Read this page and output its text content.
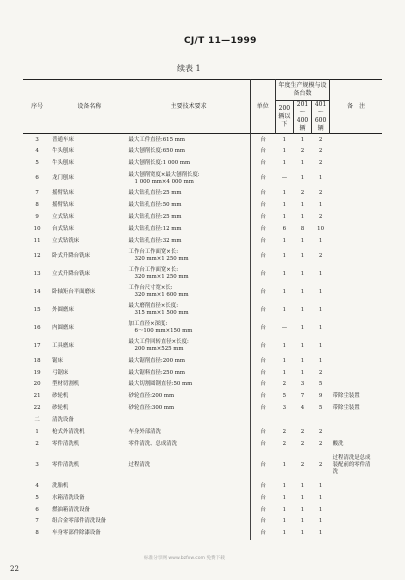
CJ/T 11—1999
续表 1
序号	设备名称	主要技术要求	单位	年度生产规模与设备台数			备　注
				200辆以下	201～400辆	401～600辆	
3	普通车床	最大工件直径:615 mm	台	1	1	2	
4	牛头刨床	最大刨削长度:650 mm	台	1	2	2	
5	牛头刨床	最大刨削长度:1 000 mm	台	1	1	2	
6	龙门刨床	最大刨削宽度×最大刨削长度:
1 000 mm×4 000 mm	台	—	1	1	
7	摇臂钻床	最大钻孔直径:25 mm	台	1	2	2	
8	摇臂钻床	最大钻孔直径:50 mm	台	1	1	1	
9	立式钻床	最大钻孔直径:25 mm	台	1	1	2	
10	台式钻床	最大钻孔直径:12 mm	台	6	8	10	
11	立式钻铣床	最大钻孔直径:32 mm	台	1	1	1	
12	卧式升降台铣床	工作台工作面宽×长:
320 mm×1 250 mm	台	1	1	2	
13	立式升降台铣床	工作台工作面宽×长:
320 mm×1 250 mm	台	1	1	1	
14	卧轴矩台平面磨床	工作台尺寸宽×长:
320 mm×1 600 mm	台	1	1	1	
15	外圆磨床	最大磨削直径×长度:
315 mm×1 500 mm	台	1	1	1	
16	内圆磨床	加工直径×深度:
6～100 mm×150 mm	台	—	1	1	
17	工具磨床	最大工件回转直径×长度:
200 mm×525 mm	台	1	1	1	
18	锯床	最大锯削直径:200 mm	台	1	1	1	
19	弓锯床	最大锯料直径:250 mm	台	1	1	2	
20	型材切割机	最大切割圆钢直径:50 mm	台	2	3	5	
21	砂轮机	砂轮直径:200 mm	台	5	7	9	带除尘装置
22	砂轮机	砂轮直径:300 mm	台	3	4	5	带除尘装置
二	清洗设备						
1	枪式外清洗机	车身外部清洗	台	2	2	2	
2	零件清洗机	零件清洗、总成清洗	台	2	2	2	酸洗
3	零件清洗机	过程清洗	台	1	2	2	过程清洗是总成
装配前的零件清
洗

4	洗胎机		台	1	1	1	
5	水箱清洗设备		台	1	1	1	
6	燃油箱清洗设备		台	1	1	1	
7	组合金零部件清洗设备		台	1	1	1	
8	车身零部件除漆设备		台	1	1	1	
标准分享网 www.bzfxw.com 免费下载
22
